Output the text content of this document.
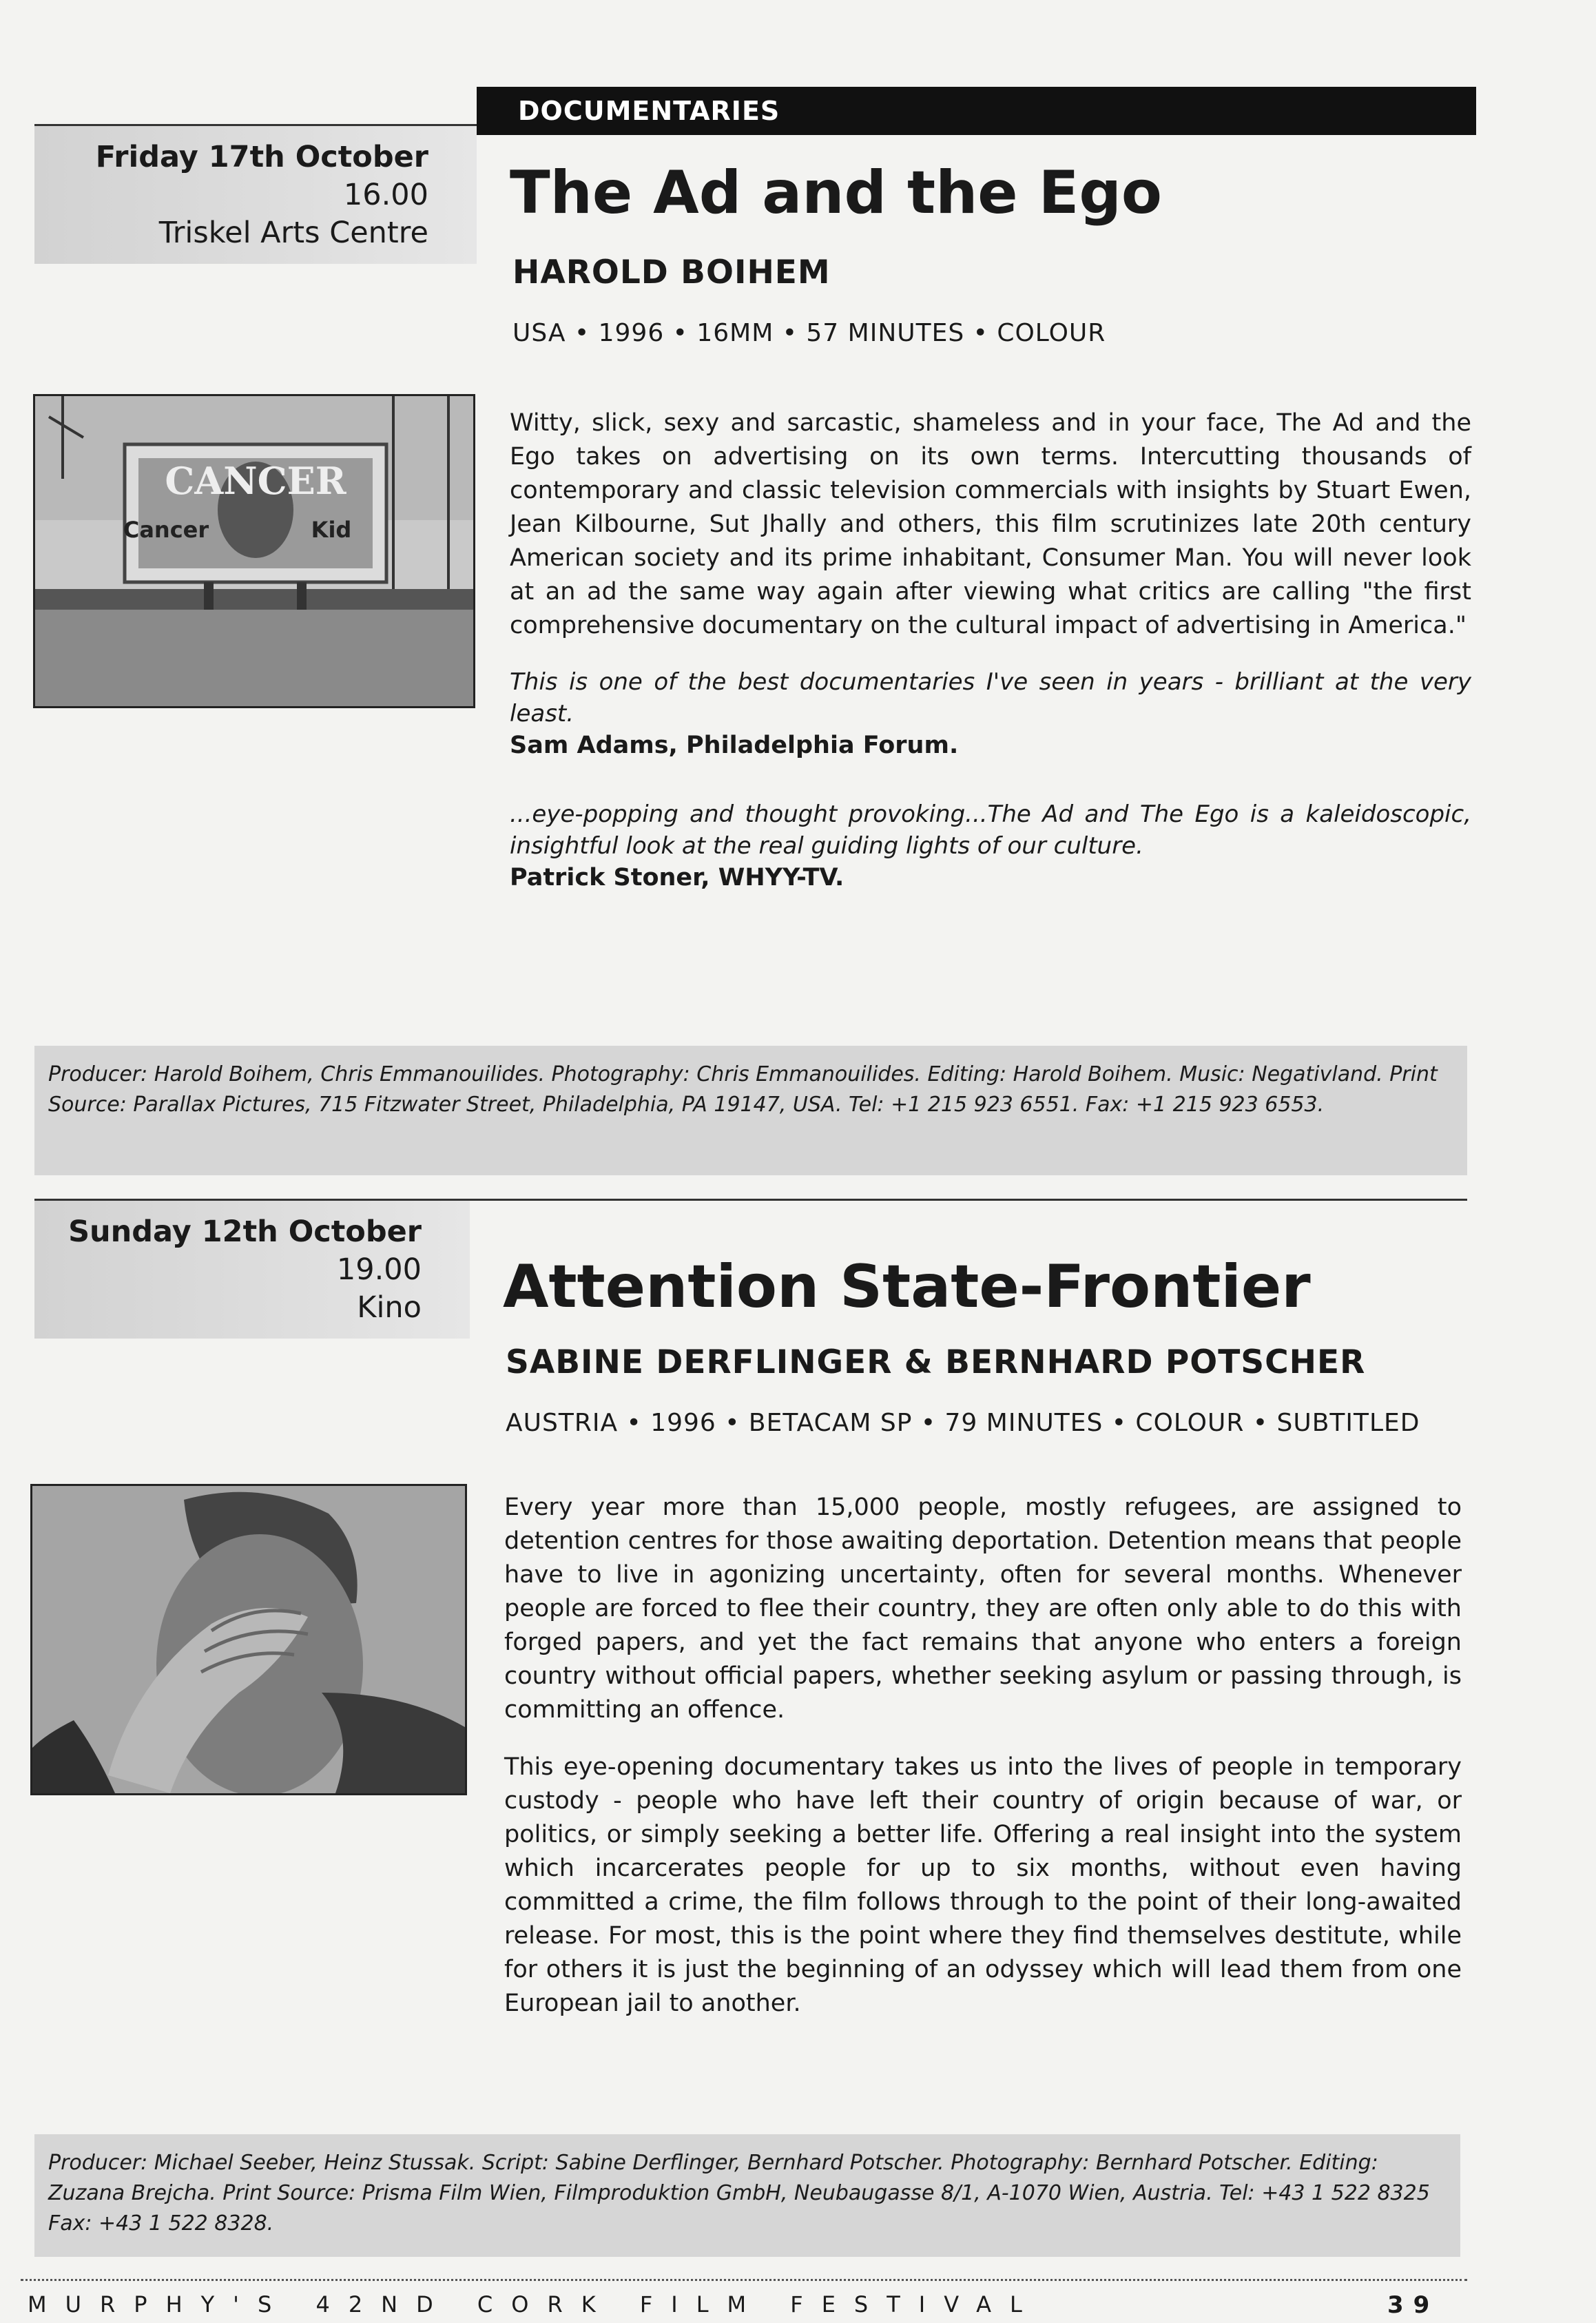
DOCUMENTARIES
Friday 17th October
16.00
Triskel Arts Centre
The Ad and the Ego
HAROLD BOIHEM
USA • 1996 • 16MM • 57 MINUTES • COLOUR
CANCER
Cancer	Kid

Witty, slick, sexy and sarcastic, shameless and in your face, The Ad and the Ego takes on advertising on its own terms. Intercutting thousands of contemporary and classic television commercials with insights by Stuart Ewen, Jean Kilbourne, Sut Jhally and others, this film scrutinizes late 20th century American society and its prime inhabitant, Consumer Man. You will never look at an ad the same way again after viewing what critics are calling "the first comprehensive documentary on the cultural impact of advertising in America."

This is one of the best documentaries I've seen in years - brilliant at the very least.
Sam Adams, Philadelphia Forum.
...eye-popping and thought provoking...The Ad and The Ego is a kaleidoscopic, insightful look at the real guiding lights of our culture.
Patrick Stoner, WHYY-TV.
Producer: Harold Boihem, Chris Emmanouilides. Photography: Chris Emmanouilides. Editing: Harold Boihem. Music: Negativland. Print Source: Parallax Pictures, 715 Fitzwater Street, Philadelphia, PA 19147, USA. Tel: +1 215 923 6551. Fax: +1 215 923 6553.
Sunday 12th October
19.00
Kino Attention State-Frontier
SABINE DERFLINGER & BERNHARD POTSCHER
AUSTRIA • 1996 • BETACAM SP • 79 MINUTES • COLOUR • SUBTITLED

Every year more than 15,000 people, mostly refugees, are assigned to detention centres for those awaiting deportation. Detention means that people have to live in agonizing uncertainty, often for several months. Whenever people are forced to flee their country, they are often only able to do this with forged papers, and yet the fact remains that anyone who enters a foreign country without official papers, whether seeking asylum or passing through, is committing an offence.

This eye-opening documentary takes us into the lives of people in temporary custody - people who have left their country of origin because of war, or politics, or simply seeking a better life. Offering a real insight into the system which incarcerates people for up to six months, without even having committed a crime, the film follows through to the point of their long-awaited release. For most, this is the point where they find themselves destitute, while for others it is just the beginning of an odyssey which will lead them from one European jail to another.

Producer: Michael Seeber, Heinz Stussak. Script: Sabine Derflinger, Bernhard Potscher. Photography: Bernhard Potscher. Editing: Zuzana Brejcha. Print Source: Prisma Film Wien, Filmproduktion GmbH, Neubaugasse 8/1, A-1070 Wien, Austria. Tel: +43 1 522 8325 Fax: +43 1 522 8328.
MURPHY'S 42ND CORK FILM FESTIVAL	39
